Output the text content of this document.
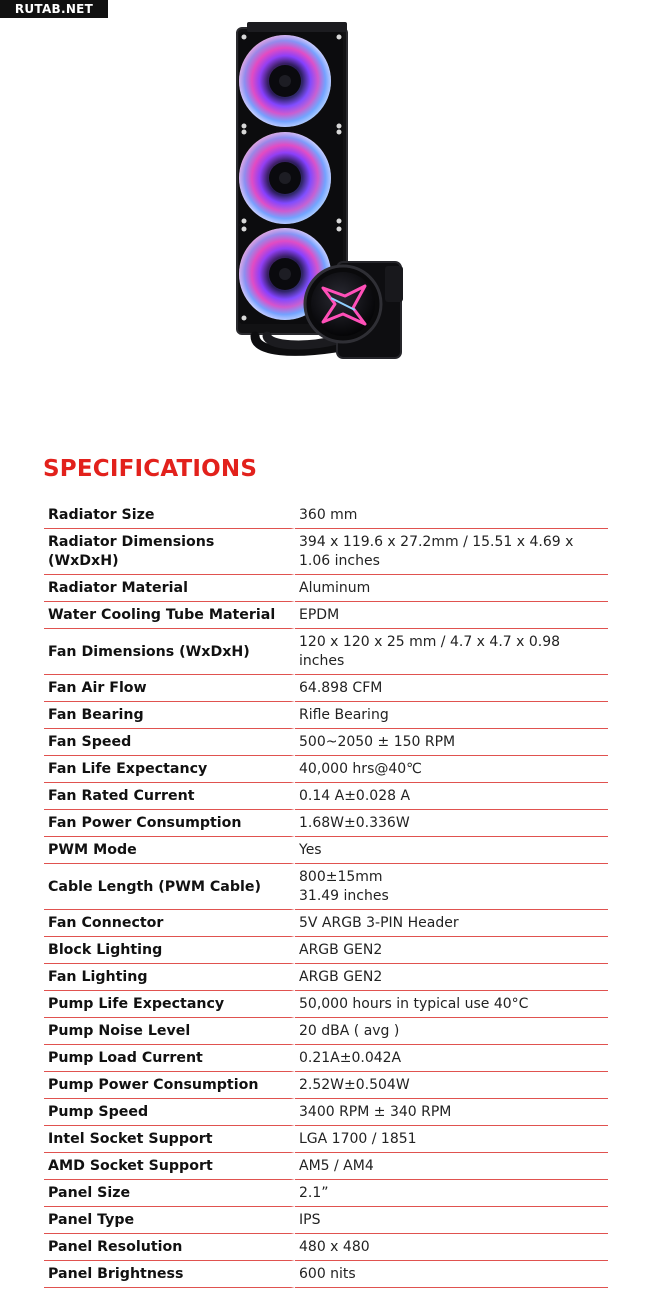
RUTAB.NET
SPECIFICATIONS
Radiator Size	360 mm
Radiator Dimensions (WxDxH)	394 x 119.6 x 27.2mm / 15.51 x 4.69 x 1.06 inches
Radiator Material	Aluminum
Water Cooling Tube Material	EPDM
Fan Dimensions (WxDxH)	120 x 120 x 25 mm / 4.7 x 4.7 x 0.98 inches
Fan Air Flow	64.898 CFM
Fan Bearing	Rifle Bearing
Fan Speed	500~2050 ± 150 RPM
Fan Life Expectancy	40,000 hrs@40℃
Fan Rated Current	0.14 A±0.028 A
Fan Power Consumption	1.68W±0.336W
PWM Mode	Yes
Cable Length (PWM Cable)	800±15mm
31.49 inches

Fan Connector	5V ARGB 3-PIN Header
Block Lighting	ARGB GEN2
Fan Lighting	ARGB GEN2
Pump Life Expectancy	50,000 hours in typical use 40°C
Pump Noise Level	20 dBA ( avg )
Pump Load Current	0.21A±0.042A
Pump Power Consumption	2.52W±0.504W
Pump Speed	3400 RPM ± 340 RPM
Intel Socket Support	LGA 1700 / 1851
AMD Socket Support	AM5 / AM4
Panel Size	2.1”
Panel Type	IPS
Panel Resolution	480 x 480
Panel Brightness	600 nits
